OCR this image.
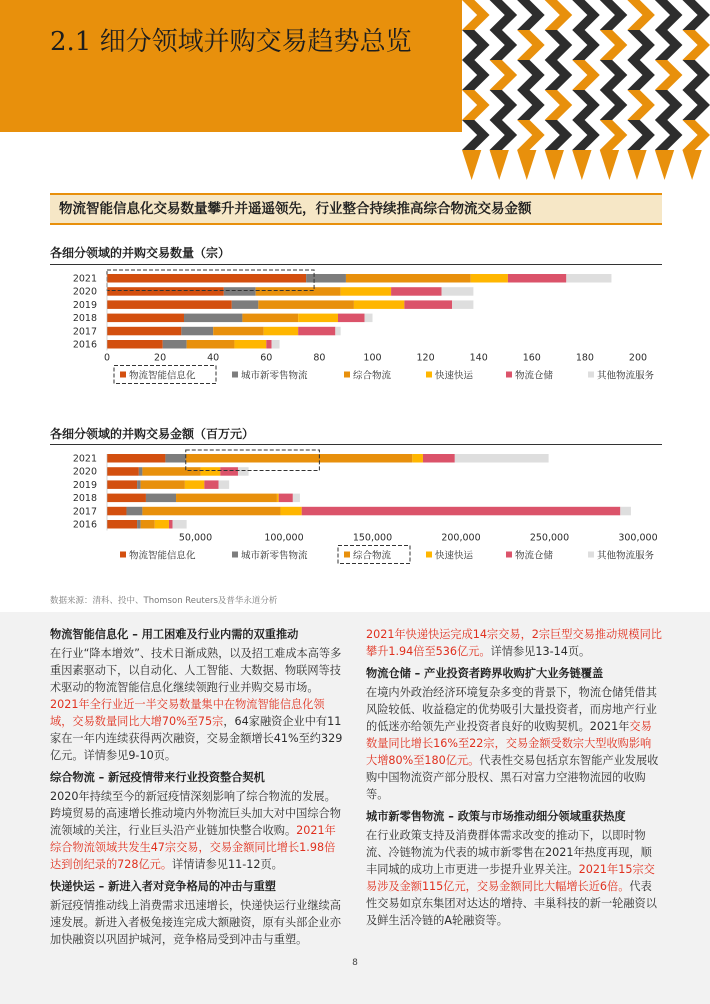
2.1 细分领域并购交易趋势总览
物流智能信息化交易数量攀升并遥遥领先，行业整合持续推高综合物流交易金额
各细分领域的并购交易数量（宗）
2021
2020
2019
2018
2017
2016
0	20	40	60	80	100	120	140	160	180	200
物流智能信息化	城市新零售物流	综合物流	快速快运	物流仓储	其他物流服务
各细分领域的并购交易金额（百万元）
2021
2020
2019
2018
2017
2016
50,000	100,000	150,000	200,000	250,000	300,000
物流智能信息化	城市新零售物流	综合物流	快速快运	物流仓储	其他物流服务
数据来源：清科、投中、Thomson Reuters及普华永道分析

物流智能信息化 – 用工困难及行业内需的双重推动

在行业“降本增效”、技术日渐成熟，以及招工难成本高等多重因素驱动下，以自动化、人工智能、大数据、物联网等技术驱动的物流智能信息化继续领跑行业并购交易市场。2021年全行业近一半交易数量集中在物流智能信息化领域，交易数量同比大增70%至75宗，64家融资企业中有11家在一年内连续获得两次融资，交易金额增长41%至约329亿元。详情参见9-10页。

综合物流 – 新冠疫情带来行业投资整合契机

2020年持续至今的新冠疫情深刻影响了综合物流的发展。跨境贸易的高速增长推动境内外物流巨头加大对中国综合物流领域的关注，行业巨头沿产业链加快整合收购。2021年综合物流领域共发生47宗交易，交易金额同比增长1.98倍达到创纪录的728亿元。详情请参见11-12页。

快递快运 – 新进入者对竞争格局的冲击与重塑

新冠疫情推动线上消费需求迅速增长，快递快运行业继续高速发展。新进入者极兔接连完成大额融资，原有头部企业亦加快融资以巩固护城河，竞争格局受到冲击与重塑。

2021年快递快运完成14宗交易，2宗巨型交易推动规模同比攀升1.94倍至536亿元。详情参见13-14页。

物流仓储 – 产业投资者跨界收购扩大业务链覆盖

在境内外政治经济环境复杂多变的背景下，物流仓储凭借其风险较低、收益稳定的优势吸引大量投资者，而房地产行业的低迷亦给领先产业投资者良好的收购契机。2021年交易数量同比增长16%至22宗，交易金额受数宗大型收购影响大增80%至180亿元。代表性交易包括京东智能产业发展收购中国物流资产部分股权、黑石对富力空港物流园的收购等。

城市新零售物流 – 政策与市场推动细分领域重获热度

在行业政策支持及消费群体需求改变的推动下，以即时物流、冷链物流为代表的城市新零售在2021年热度再现，顺丰同城的成功上市更进一步提升业界关注。2021年15宗交易涉及金额115亿元，交易金额同比大幅增长近6倍。代表性交易如京东集团对达达的增持、丰巢科技的新一轮融资以及鲜生活冷链的A轮融资等。

8
